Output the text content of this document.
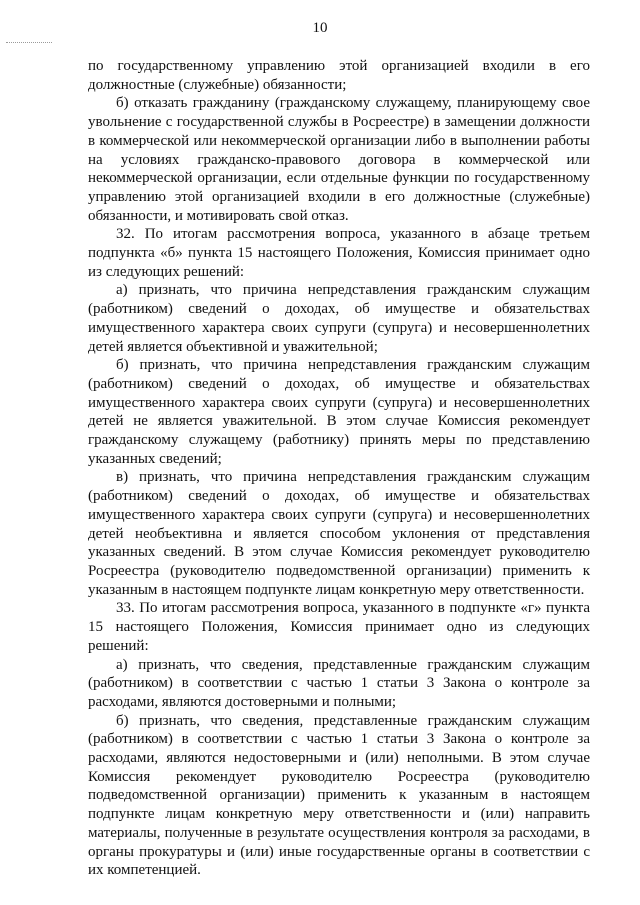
10

по государственному управлению этой организацией входили в его должностные (служебные) обязанности;

б) отказать гражданину (гражданскому служащему, планирующему свое увольнение с государственной службы в Росреестре) в замещении должности в коммерческой или некоммерческой организации либо в выполнении работы на условиях гражданско-правового договора в коммерческой или некоммерческой организации, если отдельные функции по государственному управлению этой организацией входили в его должностные (служебные) обязанности, и мотивировать свой отказ.

32. По итогам рассмотрения вопроса, указанного в абзаце третьем подпункта «б» пункта 15 настоящего Положения, Комиссия принимает одно из следующих решений:

а) признать, что причина непредставления гражданским служащим (работником) сведений о доходах, об имуществе и обязательствах имущественного характера своих супруги (супруга) и несовершеннолетних детей является объективной и уважительной;

б) признать, что причина непредставления гражданским служащим (работником) сведений о доходах, об имуществе и обязательствах имущественного характера своих супруги (супруга) и несовершеннолетних детей не является уважительной. В этом случае Комиссия рекомендует гражданскому служащему (работнику) принять меры по представлению указанных сведений;

в) признать, что причина непредставления гражданским служащим (работником) сведений о доходах, об имуществе и обязательствах имущественного характера своих супруги (супруга) и несовершеннолетних детей необъективна и является способом уклонения от представления указанных сведений. В этом случае Комиссия рекомендует руководителю Росреестра (руководителю подведомственной организации) применить к указанным в настоящем подпункте лицам конкретную меру ответственности.

33. По итогам рассмотрения вопроса, указанного в подпункте «г» пункта 15 настоящего Положения, Комиссия принимает одно из следующих решений:

а) признать, что сведения, представленные гражданским служащим (работником) в соответствии с частью 1 статьи 3 Закона о контроле за расходами, являются достоверными и полными;

б) признать, что сведения, представленные гражданским служащим (работником) в соответствии с частью 1 статьи 3 Закона о контроле за расходами, являются недостоверными и (или) неполными. В этом случае Комиссия рекомендует руководителю Росреестра (руководителю подведомственной организации) применить к указанным в настоящем подпункте лицам конкретную меру ответственности и (или) направить материалы, полученные в результате осуществления контроля за расходами, в органы прокуратуры и (или) иные государственные органы в соответствии с их компетенцией.
